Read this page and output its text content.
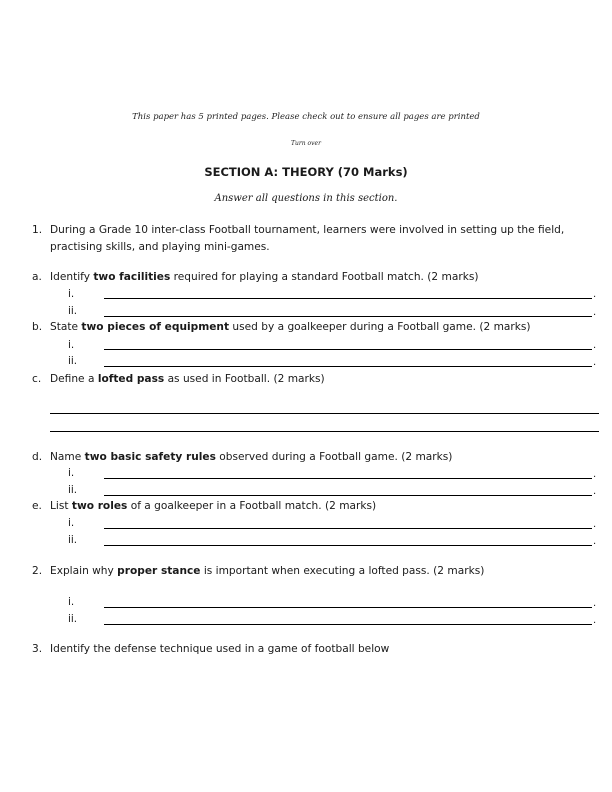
This paper has 5 printed pages. Please check out to ensure all pages are printed
Turn over
SECTION A: THEORY (70 Marks)
Answer all questions in this section.
1. During a Grade 10 inter-class Football tournament, learners were involved in setting up the field, practising skills, and playing mini-games.
a. Identify two facilities required for playing a standard Football match. (2 marks)
i.	.
ii.	.
b. State two pieces of equipment used by a goalkeeper during a Football game. (2 marks)
i.	.
ii.	.
c. Define a lofted pass as used in Football. (2 marks)
d. Name two basic safety rules observed during a Football game. (2 marks)
i.	.
ii.	.
e. List two roles of a goalkeeper in a Football match. (2 marks)
i.	.
ii.	.
2. Explain why proper stance is important when executing a lofted pass. (2 marks)
i.	.
ii.	.
3. Identify the defense technique used in a game of football below
